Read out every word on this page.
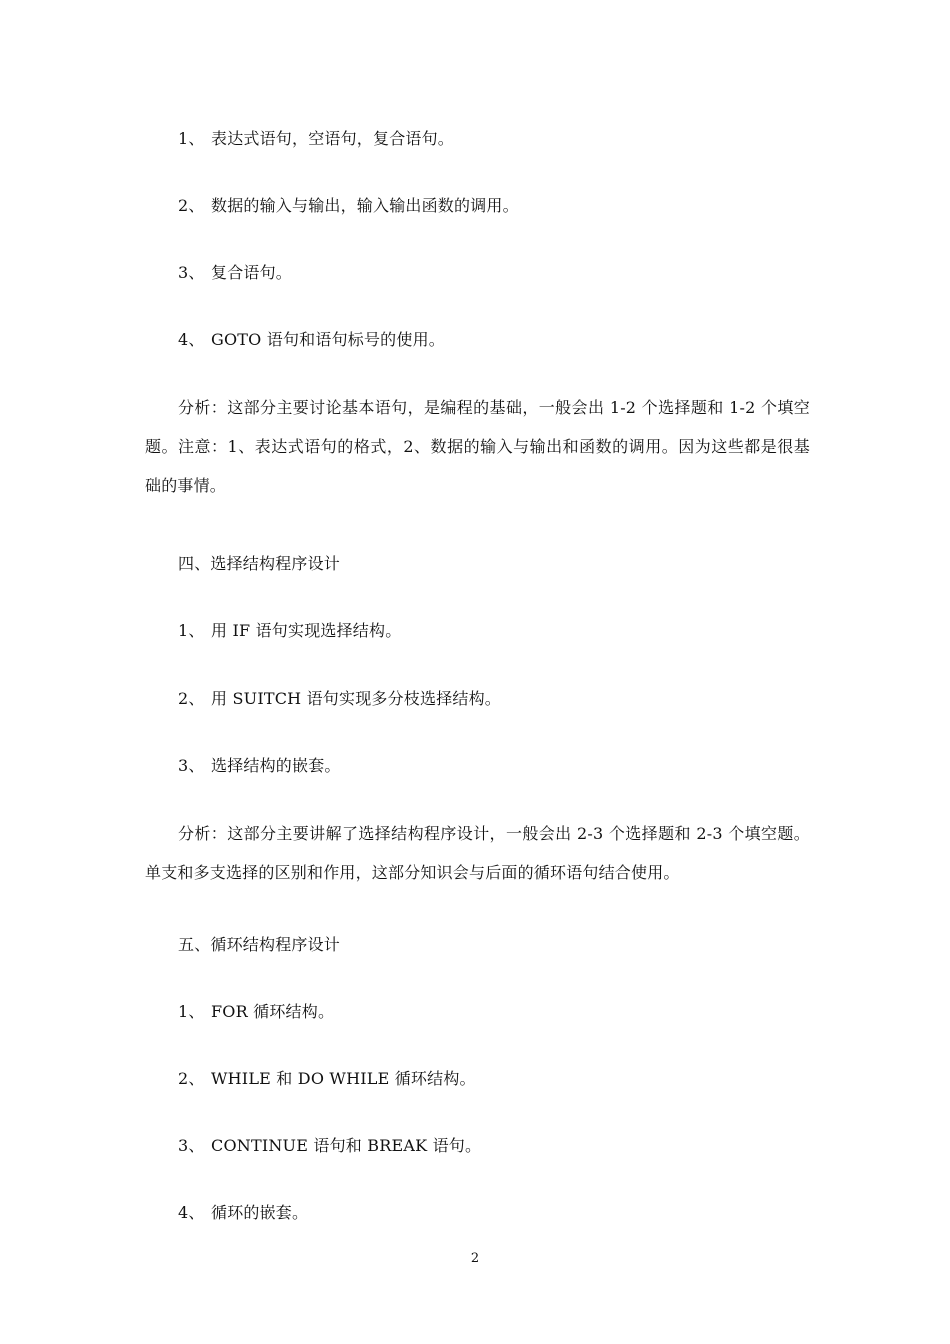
1、 表达式语句，空语句，复合语句。
2、 数据的输入与输出，输入输出函数的调用。
3、 复合语句。
4、 GOTO 语句和语句标号的使用。
分析：这部分主要讨论基本语句，是编程的基础，一般会出 1-2 个选择题和 1-2 个填空题。注意：1、表达式语句的格式，2、数据的输入与输出和函数的调用。因为这些都是很基础的事情。
四、选择结构程序设计
1、 用 IF 语句实现选择结构。
2、 用 SUITCH 语句实现多分枝选择结构。
3、 选择结构的嵌套。
分析：这部分主要讲解了选择结构程序设计，一般会出 2-3 个选择题和 2-3 个填空题。单支和多支选择的区别和作用，这部分知识会与后面的循环语句结合使用。
五、循环结构程序设计
1、 FOR 循环结构。
2、 WHILE 和 DO WHILE 循环结构。
3、 CONTINUE 语句和 BREAK 语句。
4、 循环的嵌套。
2
